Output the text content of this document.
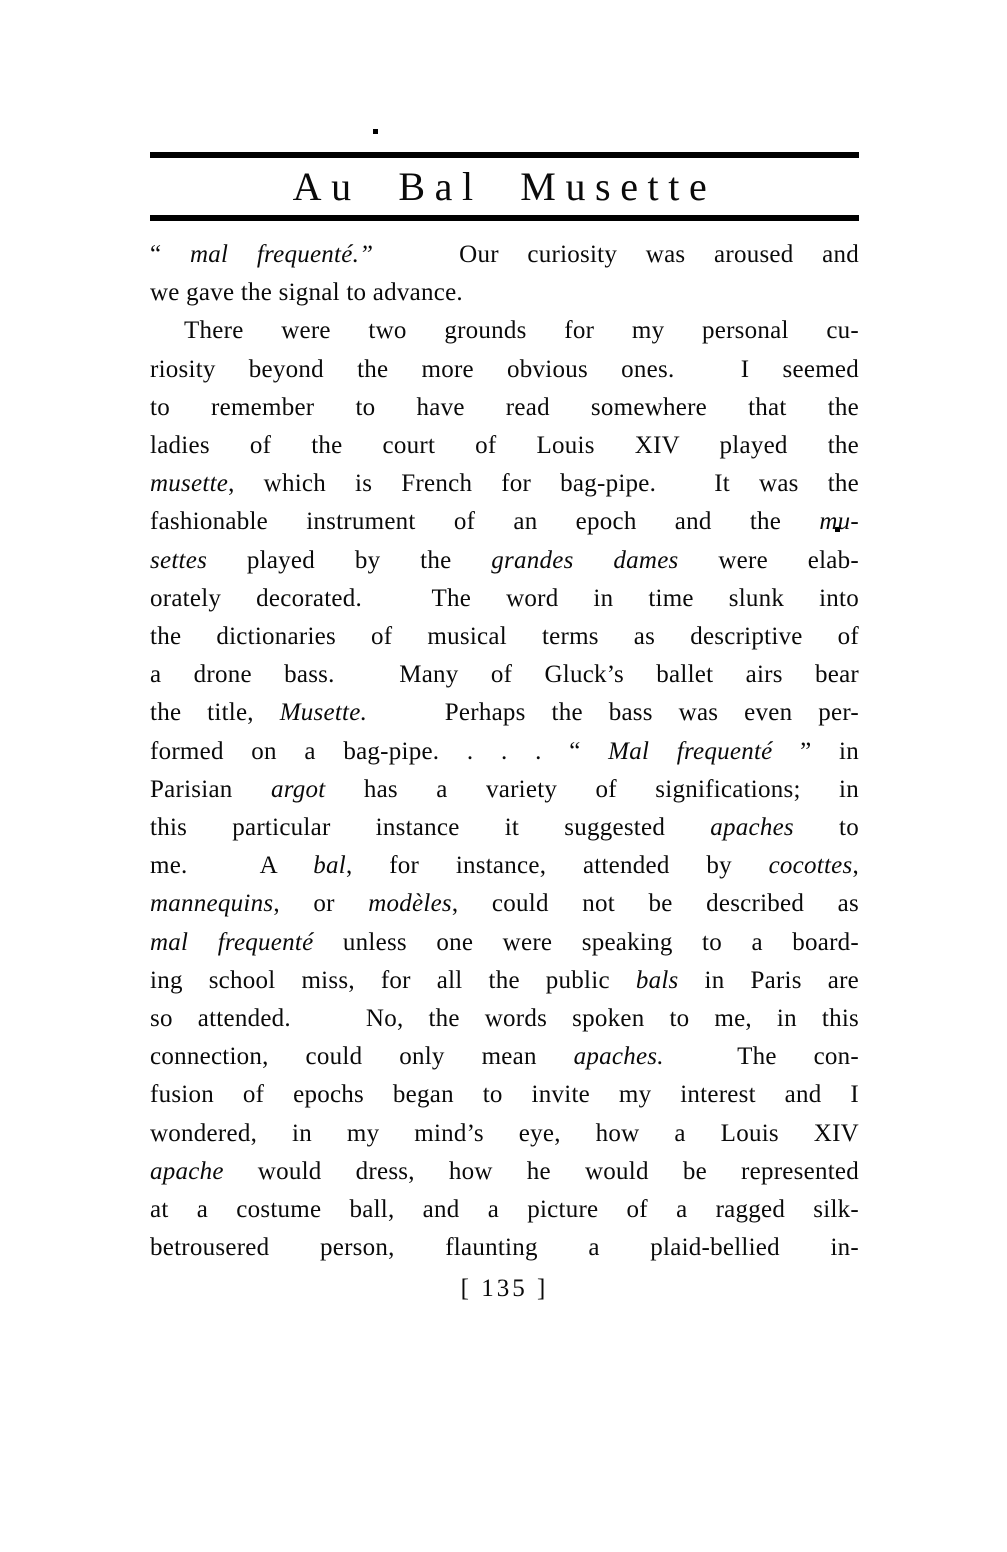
Au Bal Musette
“ mal frequenté.”   Our curiosity was aroused and
we gave the signal to advance.
There were two grounds for my personal cu-
riosity beyond the more obvious ones.  I seemed
to remember to have read somewhere that the
ladies of the court of Louis XIV played the
musette, which is French for bag-pipe.  It was the
fashionable instrument of an epoch and the mu-
settes played by the grandes dames were elab-
orately decorated.  The word in time slunk into
the dictionaries of musical terms as descriptive of
a drone bass.  Many of Gluck’s ballet airs bear
the title, Musette.   Perhaps the bass was even per-
formed on a bag-pipe. . . . “ Mal frequenté ” in
Parisian argot has a variety of significations; in
this particular instance it suggested apaches to
me.  A bal, for instance, attended by cocottes,
mannequins, or modèles, could not be described as
mal frequenté unless one were speaking to a board-
ing school miss, for all the public bals in Paris are
so attended.   No, the words spoken to me, in this
connection, could only mean apaches.  The con-
fusion of epochs began to invite my interest and I
wondered, in my mind’s eye, how a Louis XIV
apache would dress, how he would be represented
at a costume ball, and a picture of a ragged silk-
betrousered person, flaunting a plaid-bellied in-
[ 135 ]
